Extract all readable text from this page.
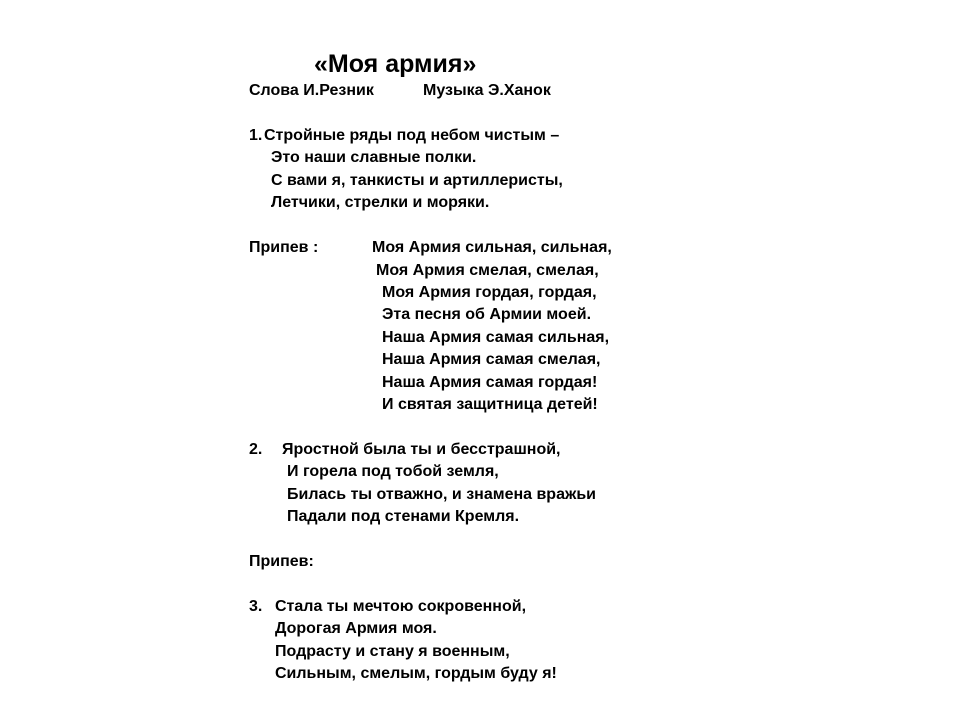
«Моя армия»
Слова И.Резник	Музыка Э.Ханок
1. Стройные ряды под небом чистым –
Это наши славные полки.
С вами я, танкисты и артиллеристы,
Летчики, стрелки и моряки.
Припев :	Моя Армия сильная, сильная,
Моя Армия смелая, смелая,
Моя Армия гордая, гордая,
Эта песня об Армии моей.
Наша Армия самая сильная,
Наша Армия самая смелая,
Наша Армия самая гордая!
И святая защитница детей!
2. Яростной была ты и бесстрашной,
И горела под тобой земля,
Билась ты отважно, и знамена вражьи
Падали под стенами Кремля.
Припев:
3. Стала ты мечтою сокровенной,
Дорогая Армия моя.
Подрасту и стану я военным,
Сильным, смелым, гордым буду я!
